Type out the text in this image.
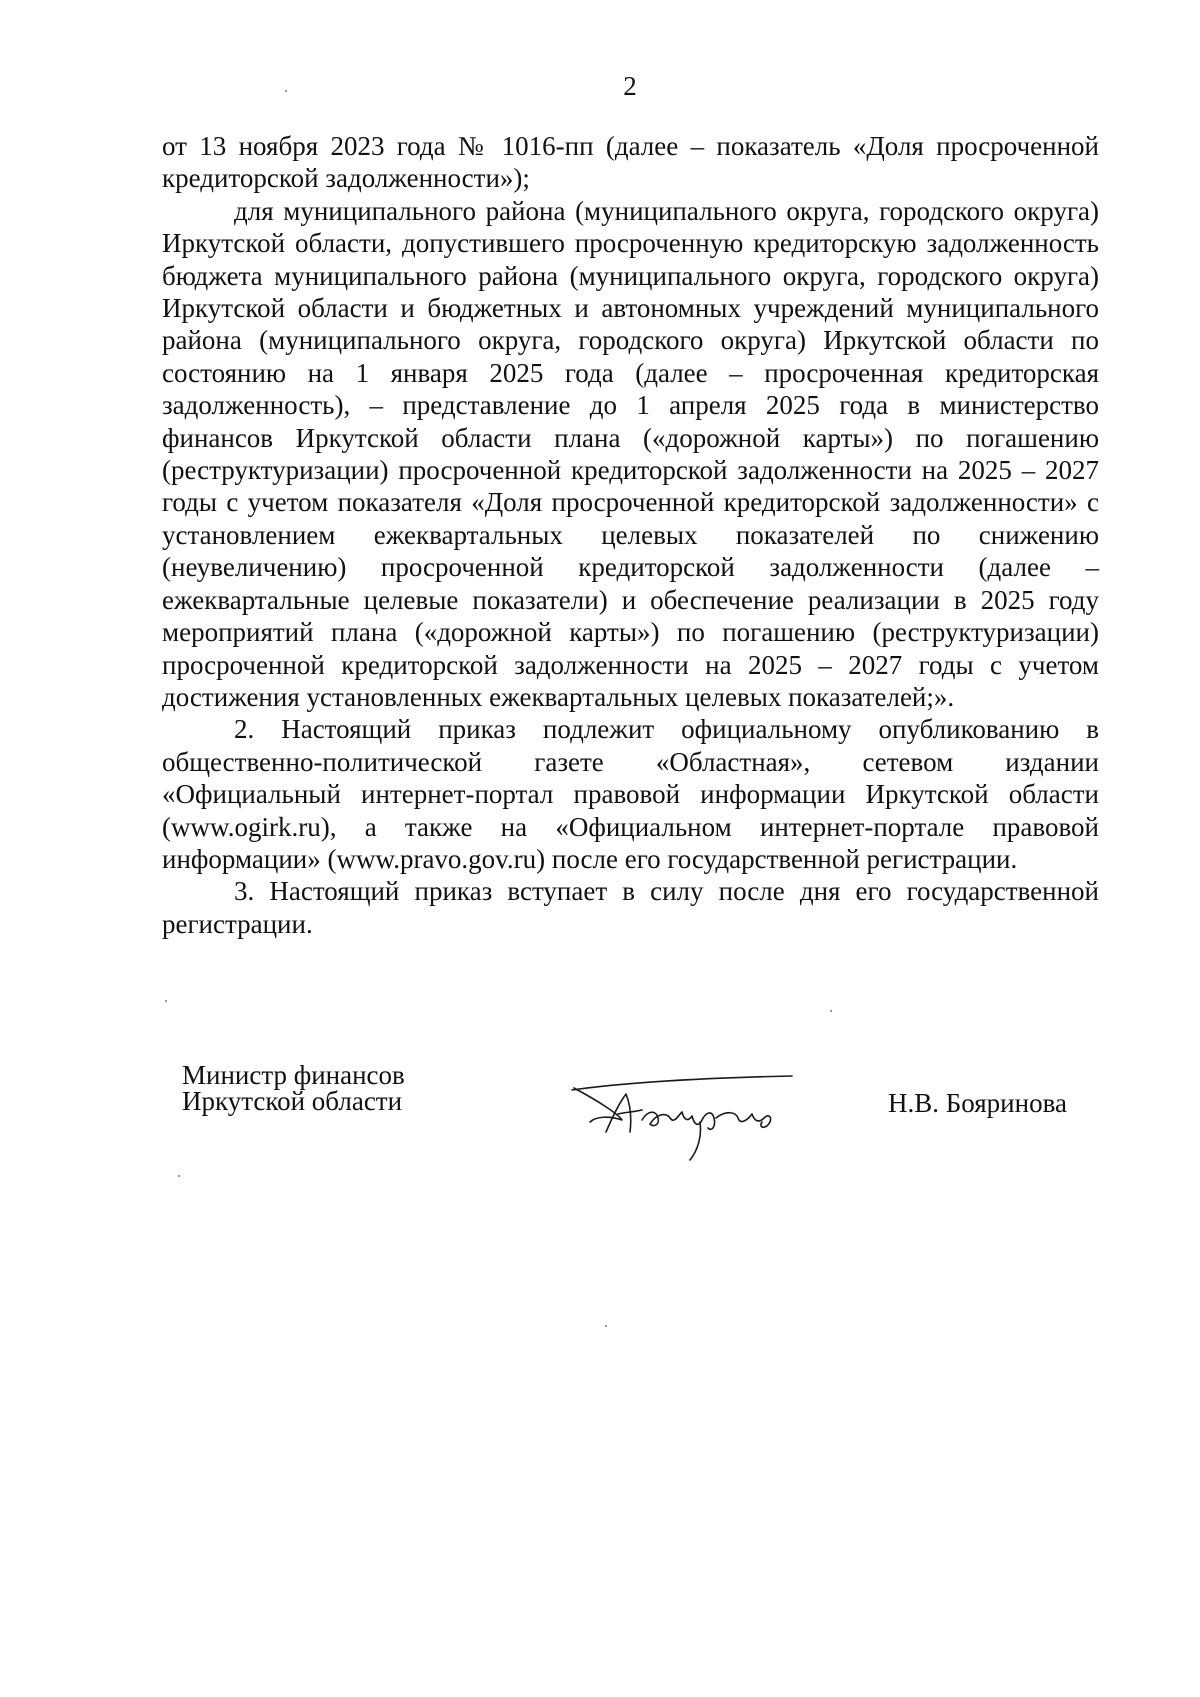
2

от 13 ноября 2023 года № 1016-пп (далее – показатель «Доля просроченной кредиторской задолженности»);

для муниципального района (муниципального округа, городского округа) Иркутской области, допустившего просроченную кредиторскую задолженность бюджета муниципального района (муниципального округа, городского округа) Иркутской области и бюджетных и автономных учреждений муниципального района (муниципального округа, городского округа) Иркутской области по состоянию на 1 января 2025 года (далее – просроченная кредиторская задолженность), – представление до 1 апреля 2025 года в министерство финансов Иркутской области плана («дорожной карты») по погашению (реструктуризации) просроченной кредиторской задолженности на 2025 – 2027 годы с учетом показателя «Доля просроченной кредиторской задолженности» с установлением ежеквартальных целевых показателей по снижению (неувеличению) просроченной кредиторской задолженности (далее – ежеквартальные целевые показатели) и обеспечение реализации в 2025 году мероприятий плана («дорожной карты») по погашению (реструктуризации) просроченной кредиторской задолженности на 2025 – 2027 годы с учетом достижения установленных ежеквартальных целевых показателей;».

2. Настоящий приказ подлежит официальному опубликованию в общественно-политической газете «Областная», сетевом издании «Официальный интернет-портал правовой информации Иркутской области (www.ogirk.ru), а также на «Официальном интернет-портале правовой информации» (www.pravo.gov.ru) после его государственной регистрации.

3. Настоящий приказ вступает в силу после дня его государственной регистрации.

Министр финансов
Иркутской области	Н.В. Бояринова
